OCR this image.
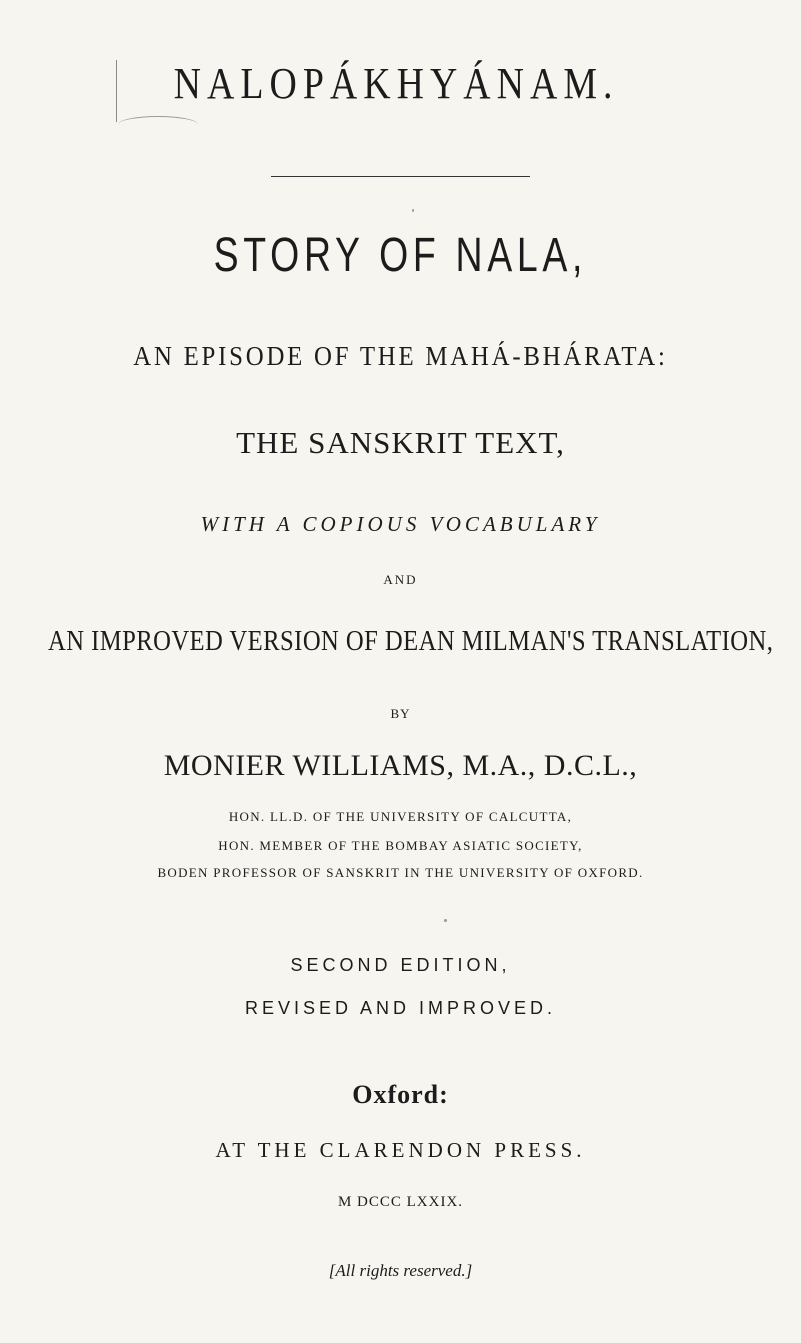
NALOPÁKHYÁNAM.
STORY OF NALA,
AN EPISODE OF THE MAHÁ-BHÁRATA:
THE SANSKRIT TEXT,
WITH A COPIOUS VOCABULARY
AND
AN IMPROVED VERSION OF DEAN MILMAN'S TRANSLATION,
BY
MONIER WILLIAMS, M.A., D.C.L.,
HON. LL.D. OF THE UNIVERSITY OF CALCUTTA,
HON. MEMBER OF THE BOMBAY ASIATIC SOCIETY,
BODEN PROFESSOR OF SANSKRIT IN THE UNIVERSITY OF OXFORD.
SECOND EDITION,
REVISED AND IMPROVED.
Oxford:
AT THE CLARENDON PRESS.
M DCCC LXXIX.
[All rights reserved.]
